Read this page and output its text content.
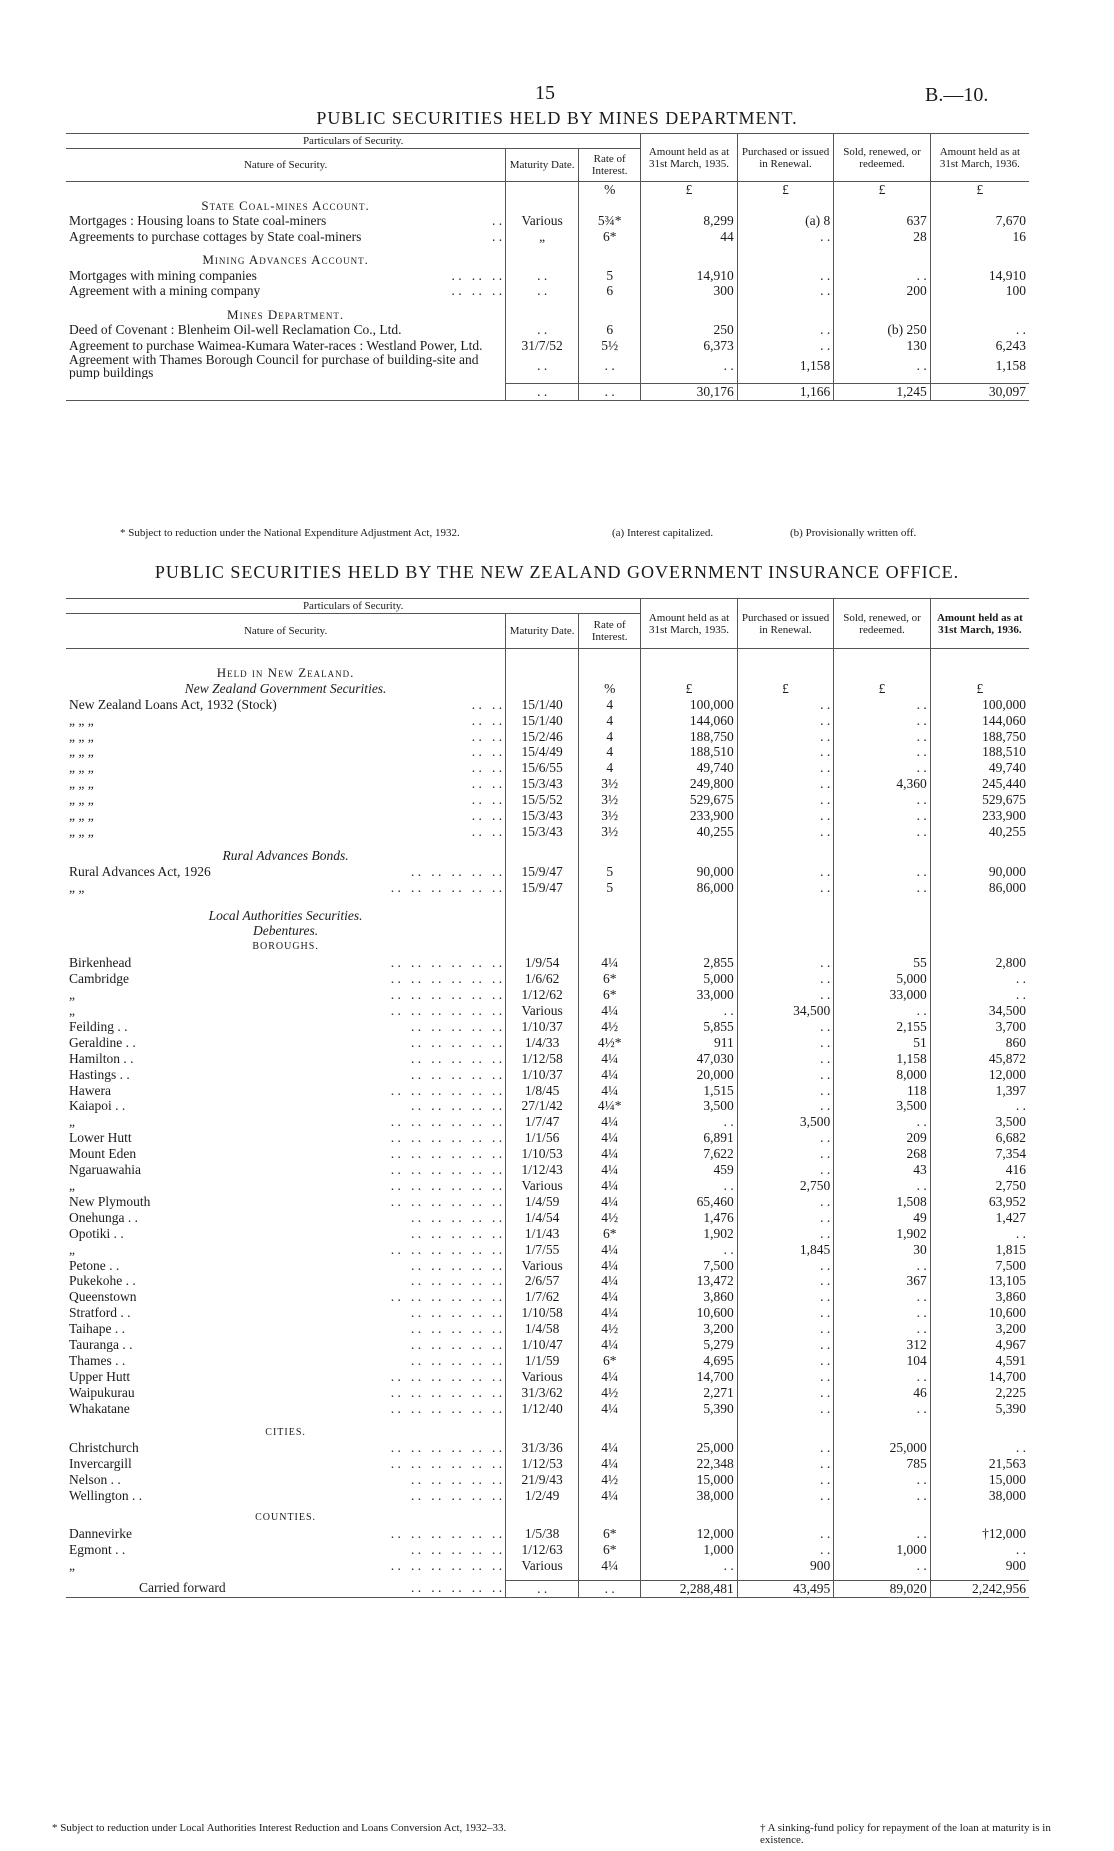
15	B.—10.
PUBLIC SECURITIES HELD BY MINES DEPARTMENT.
Particulars of Security.			Amount held as at 31st March, 1935.	Purchased or issued in Renewal.	Sold, renewed, or redeemed.	Amount held as at 31st March, 1936.
Nature of Security.	Maturity Date.	Rate of Interest.				
		%	£	£	£	£
State Coal-mines Account.						
Mortgages : Housing loans to State coal-miners . .	Various	5¾*	8,299	(a) 8	637	7,670
Agreements to purchase cottages by State coal-miners . .	„	6*	44	. .	28	16

Mining Advances Account.						
Mortgages with mining companies . .   . .   . .	. .	5	14,910	. .	. .	14,910
Agreement with a mining company . .   . .   . .	. .	6	300	. .	200	100

Mines Department.						
Deed of Covenant : Blenheim Oil-well Reclamation Co., Ltd.	. .	6	250	. .	(b) 250	. .
Agreement to purchase Waimea-Kumara Water-races : Westland Power, Ltd.	31/7/52	5½	6,373	. .	130	6,243
Agreement with Thames Borough Council for purchase of building-site and pump buildings	. .	. .	. .	1,158	. .	1,158

	. .	. .	30,176	1,166	1,245	30,097
* Subject to reduction under the National Expenditure Adjustment Act, 1932.	(a) Interest capitalized.	(b) Provisionally written off.
PUBLIC SECURITIES HELD BY THE NEW ZEALAND GOVERNMENT INSURANCE OFFICE.
Particulars of Security.			Amount held as at 31st March, 1935.	Purchased or issued in Renewal.	Sold, renewed, or redeemed.	Amount held as at 31st March, 1936.
Nature of Security.	Maturity Date.	Rate of Interest.				

Held in New Zealand.						
New Zealand Government Securities.		%	£	£	£	£
New Zealand Loans Act, 1932 (Stock) . .   . .	15/1/40	4	100,000	. .	. .	100,000
„ „ „ . .   . .	15/1/40	4	144,060	. .	. .	144,060
„ „ „ . .   . .	15/2/46	4	188,750	. .	. .	188,750
„ „ „ . .   . .	15/4/49	4	188,510	. .	. .	188,510
„ „ „ . .   . .	15/6/55	4	49,740	. .	. .	49,740
„ „ „ . .   . .	15/3/43	3½	249,800	. .	4,360	245,440
„ „ „ . .   . .	15/5/52	3½	529,675	. .	. .	529,675
„ „ „ . .   . .	15/3/43	3½	233,900	. .	. .	233,900
„ „ „ . .   . .	15/3/43	3½	40,255	. .	. .	40,255

Rural Advances Bonds.						
Rural Advances Act, 1926 . .   . .   . .   . .   . .	15/9/47	5	90,000	. .	. .	90,000
„ „ . .   . .   . .   . .   . .   . .	15/9/47	5	86,000	. .	. .	86,000

Local Authorities Securities.						
Debentures.						
BOROUGHS.						
Birkenhead . .   . .   . .   . .   . .   . .	1/9/54	4¼	2,855	. .	55	2,800
Cambridge . .   . .   . .   . .   . .   . .	1/6/62	6*	5,000	. .	5,000	. .
„ . .   . .   . .   . .   . .   . .	1/12/62	6*	33,000	. .	33,000	. .
„ . .   . .   . .   . .   . .   . .	Various	4¼	. .	34,500	. .	34,500
Feilding . . . .   . .   . .   . .   . .	1/10/37	4½	5,855	. .	2,155	3,700
Geraldine . . . .   . .   . .   . .   . .	1/4/33	4½*	911	. .	51	860
Hamilton . . . .   . .   . .   . .   . .	1/12/58	4¼	47,030	. .	1,158	45,872
Hastings . . . .   . .   . .   . .   . .	1/10/37	4¼	20,000	. .	8,000	12,000
Hawera . .   . .   . .   . .   . .   . .	1/8/45	4¼	1,515	. .	118	1,397
Kaiapoi . . . .   . .   . .   . .   . .	27/1/42	4¼*	3,500	. .	3,500	. .
„ . .   . .   . .   . .   . .   . .	1/7/47	4¼	. .	3,500	. .	3,500
Lower Hutt . .   . .   . .   . .   . .   . .	1/1/56	4¼	6,891	. .	209	6,682
Mount Eden . .   . .   . .   . .   . .   . .	1/10/53	4¼	7,622	. .	268	7,354
Ngaruawahia . .   . .   . .   . .   . .   . .	1/12/43	4¼	459	. .	43	416
„ . .   . .   . .   . .   . .   . .	Various	4¼	. .	2,750	. .	2,750
New Plymouth . .   . .   . .   . .   . .   . .	1/4/59	4¼	65,460	. .	1,508	63,952
Onehunga . . . .   . .   . .   . .   . .	1/4/54	4½	1,476	. .	49	1,427
Opotiki . . . .   . .   . .   . .   . .	1/1/43	6*	1,902	. .	1,902	. .
„ . .   . .   . .   . .   . .   . .	1/7/55	4¼	. .	1,845	30	1,815
Petone . . . .   . .   . .   . .   . .	Various	4¼	7,500	. .	. .	7,500
Pukekohe . . . .   . .   . .   . .   . .	2/6/57	4¼	13,472	. .	367	13,105
Queenstown . .   . .   . .   . .   . .   . .	1/7/62	4¼	3,860	. .	. .	3,860
Stratford . . . .   . .   . .   . .   . .	1/10/58	4¼	10,600	. .	. .	10,600
Taihape . . . .   . .   . .   . .   . .	1/4/58	4½	3,200	. .	. .	3,200
Tauranga . . . .   . .   . .   . .   . .	1/10/47	4¼	5,279	. .	312	4,967
Thames . . . .   . .   . .   . .   . .	1/1/59	6*	4,695	. .	104	4,591
Upper Hutt . .   . .   . .   . .   . .   . .	Various	4¼	14,700	. .	. .	14,700
Waipukurau . .   . .   . .   . .   . .   . .	31/3/62	4½	2,271	. .	46	2,225
Whakatane . .   . .   . .   . .   . .   . .	1/12/40	4¼	5,390	. .	. .	5,390

CITIES.						
Christchurch . .   . .   . .   . .   . .   . .	31/3/36	4¼	25,000	. .	25,000	. .
Invercargill . .   . .   . .   . .   . .   . .	1/12/53	4¼	22,348	. .	785	21,563
Nelson . . . .   . .   . .   . .   . .	21/9/43	4½	15,000	. .	. .	15,000
Wellington . . . .   . .   . .   . .   . .	1/2/49	4¼	38,000	. .	. .	38,000

COUNTIES.						
Dannevirke . .   . .   . .   . .   . .   . .	1/5/38	6*	12,000	. .	. .	†12,000
Egmont . . . .   . .   . .   . .   . .	1/12/63	6*	1,000	. .	1,000	. .
„ . .   . .   . .   . .   . .   . .	Various	4¼	. .	900	. .	900

Carried forward . .   . .   . .   . .   . .	. .	. .	2,288,481	43,495	89,020	2,242,956
* Subject to reduction under Local Authorities Interest Reduction and Loans Conversion Act, 1932–33.	† A sinking-fund policy for repayment of the loan at maturity is in existence.
